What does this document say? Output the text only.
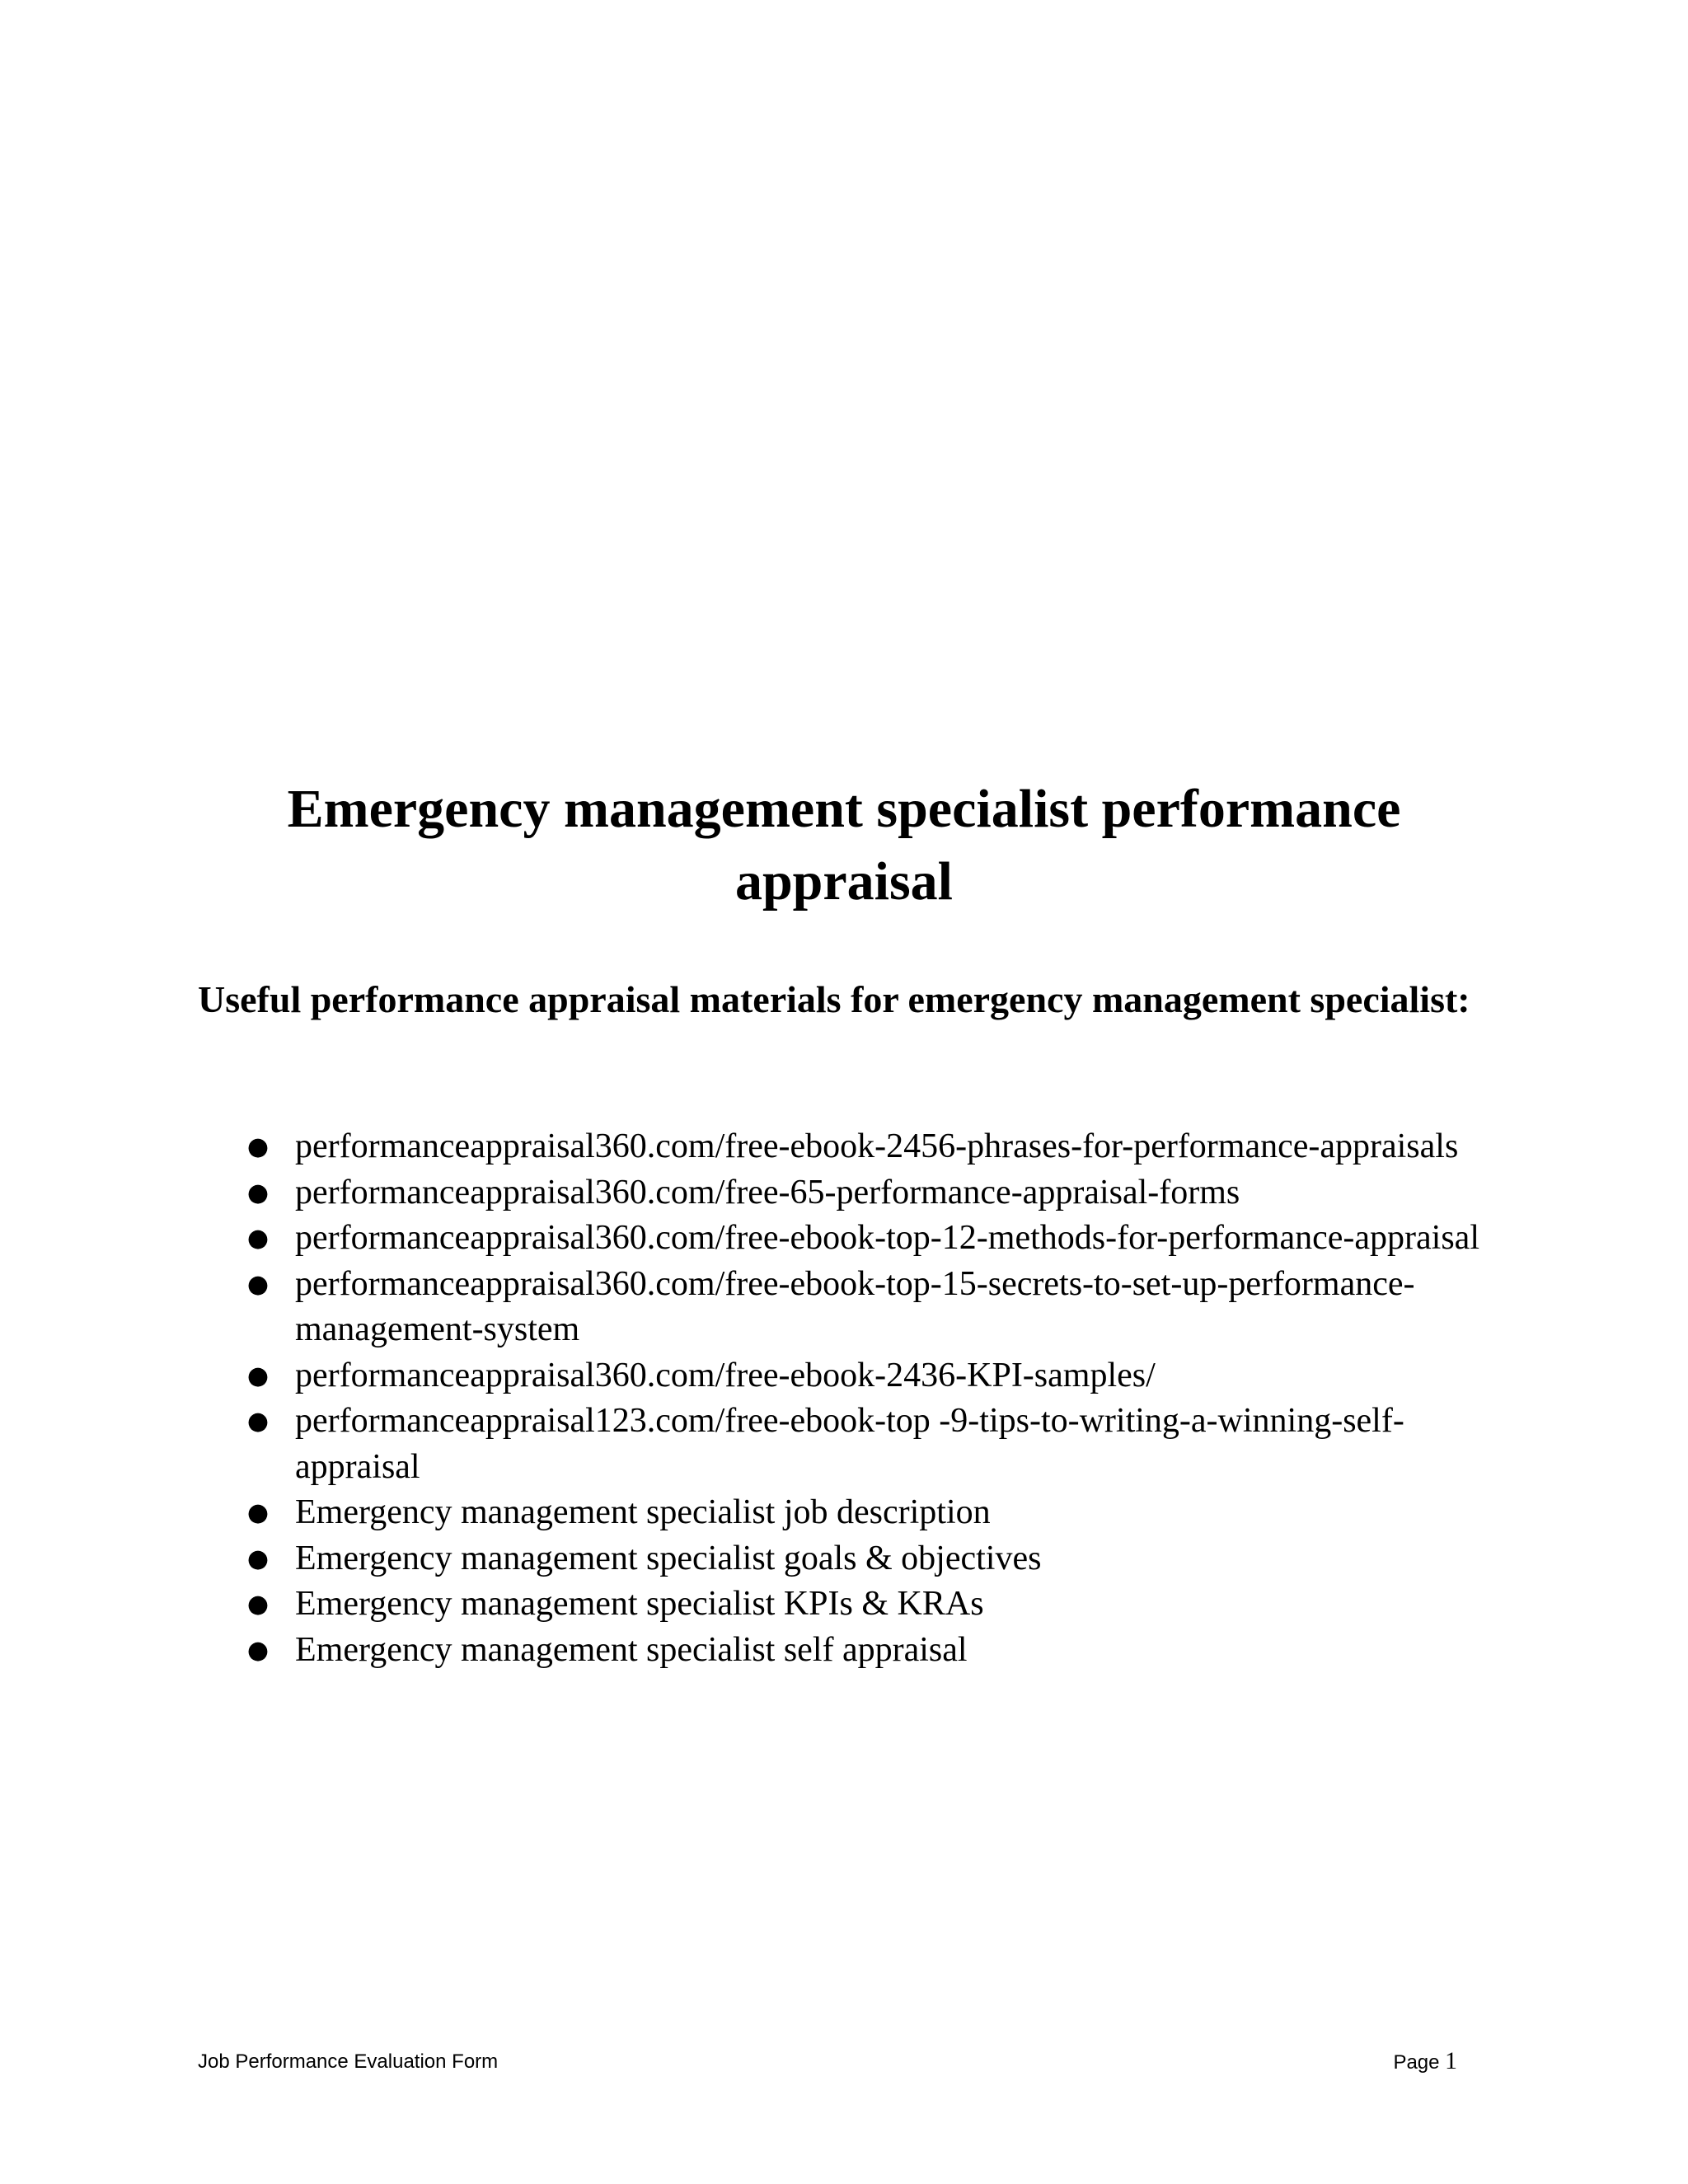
Emergency management specialist performance appraisal
Useful performance appraisal materials for emergency management specialist:
● performanceappraisal360.com/free-ebook-2456-phrases-for-performance-appraisals
● performanceappraisal360.com/free-65-performance-appraisal-forms
● performanceappraisal360.com/free-ebook-top-12-methods-for-performance-appraisal
● performanceappraisal360.com/free-ebook-top-15-secrets-to-set-up-performance-management-system
● performanceappraisal360.com/free-ebook-2436-KPI-samples/
● performanceappraisal123.com/free-ebook-top -9-tips-to-writing-a-winning-self-appraisal
● Emergency management specialist job description
● Emergency management specialist goals & objectives
● Emergency management specialist KPIs & KRAs
● Emergency management specialist self appraisal
Job Performance Evaluation Form	Page 1
